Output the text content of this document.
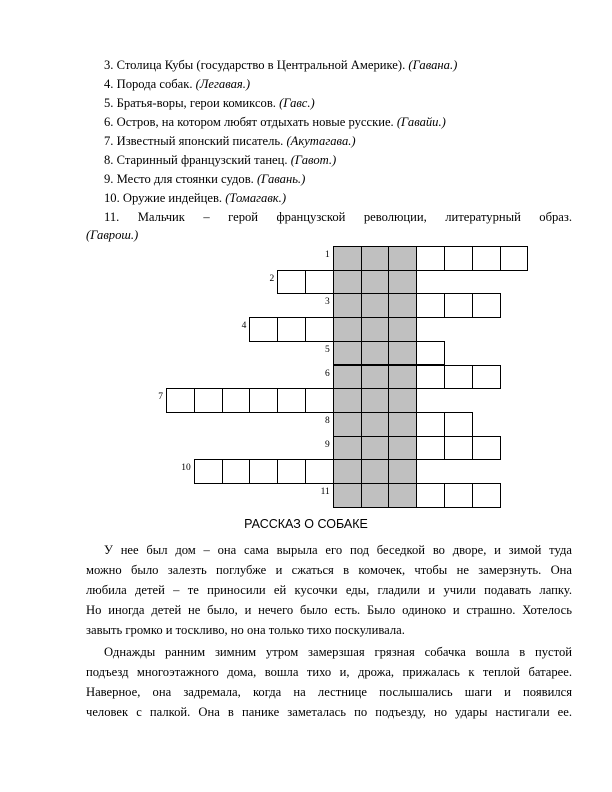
3. Столица Кубы (государство в Центральной Америке). (Гавана.)
4. Порода собак. (Легавая.)
5. Братья-воры, герои комиксов. (Гавс.)
6. Остров, на котором любят отдыхать новые русские. (Гавайи.)
7. Известный японский писатель. (Акутагава.)
8. Старинный французский танец. (Гавот.)
9. Место для стоянки судов. (Гавань.)
10. Оружие индейцев. (Томагавк.)
11. Мальчик – герой французской революции, литературный образ.
(Гаврош.)
1
2
3
4
5
6
7
8
9
10
11
РАССКАЗ О СОБАКЕ
У нее был дом – она сама вырыла его под беседкой во дворе, и зимой туда
можно было залезть поглубже и сжаться в комочек, чтобы не замерзнуть. Она
любила детей – те приносили ей кусочки еды, гладили и учили подавать лапку.
Но иногда детей не было, и нечего было есть. Было одиноко и страшно. Хотелось
завыть громко и тоскливо, но она только тихо поскуливала.
Однажды ранним зимним утром замерзшая грязная собачка вошла в пустой
подъезд многоэтажного дома, вошла тихо и, дрожа, прижалась к теплой батарее.
Наверное, она задремала, когда на лестнице послышались шаги и появился
человек с палкой. Она в панике заметалась по подъезду, но удары настигали ее.
